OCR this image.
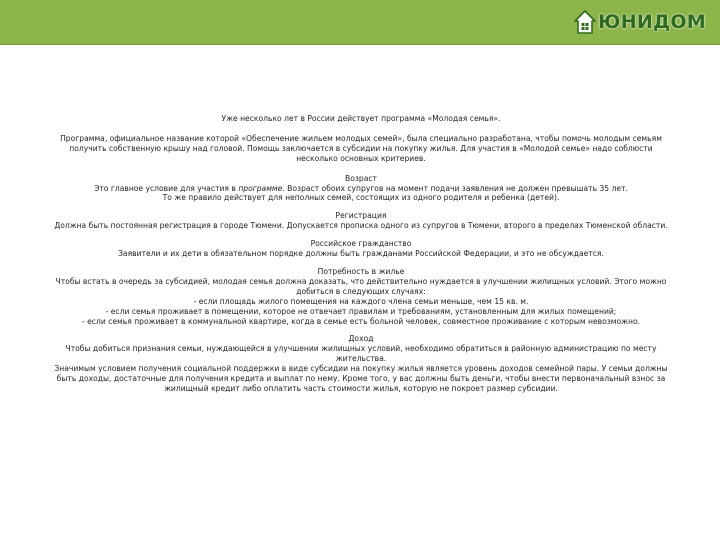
ЮНИДОМ

Уже несколько лет в России действует программа «Молодая семья».

Программа, официальное название которой «Обеспечение жильем молодых семей», была специально разработана, чтобы помочь молодым семьям получить собственную крышу над головой. Помощь заключается в субсидии на покупку жилья. Для участия в «Молодой семье» надо соблюсти несколько основных критериев.

Возраст

Это главное условие для участия в программе. Возраст обоих супругов на момент подачи заявления не должен превышать 35 лет.

То же правило действует для неполных семей, состоящих из одного родителя и ребенка (детей).

Регистрация

Должна быть постоянная регистрация в городе Тюмени. Допускается прописка одного из супругов в Тюмени, второго в пределах Тюменской области.

Российское гражданство

Заявители и их дети в обязательном порядке должны быть гражданами Российской Федерации, и это не обсуждается.

Потребность в жилье

Чтобы встать в очередь за субсидией, молодая семья должна доказать, что действительно нуждается в улучшении жилищных условий. Этого можно добиться в следующих случаях:

- если площадь жилого помещения на каждого члена семьи меньше, чем 15 кв. м.

- если семья проживает в помещении, которое не отвечает правилам и требованиям, установленным для жилых помещений;

- если семья проживает в коммунальной квартире, когда в семье есть больной человек, совместное проживание с которым невозможно.

Доход

Чтобы добиться признания семьи, нуждающейся в улучшении жилищных условий, необходимо обратиться в районную администрацию по месту жительства.

Значимым условием получения социальной поддержки в виде субсидии на покупку жилья является уровень доходов семейной пары. У семьи должны быть доходы, достаточные для получения кредита и выплат по нему. Кроме того, у вас должны быть деньги, чтобы внести первоначальный взнос за жилищный кредит либо оплатить часть стоимости жилья, которую не покроет размер субсидии.
